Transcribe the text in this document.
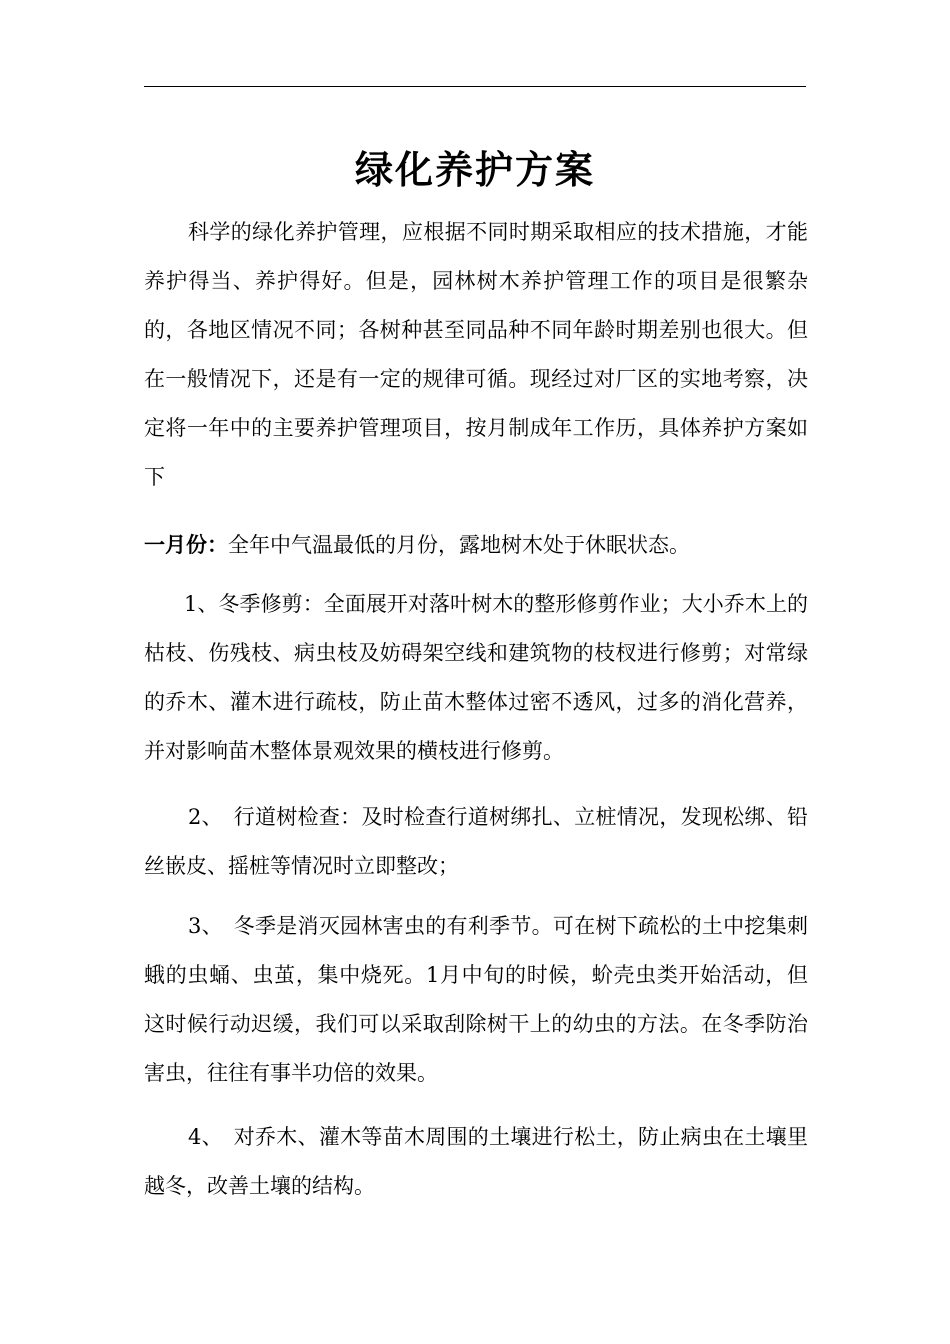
绿化养护方案

科学的绿化养护管理，应根据不同时期采取相应的技术措施，才能养护得当、养护得好。但是，园林树木养护管理工作的项目是很繁杂的，各地区情况不同；各树种甚至同品种不同年龄时期差别也很大。但在一般情况下，还是有一定的规律可循。现经过对厂区的实地考察，决定将一年中的主要养护管理项目，按月制成年工作历，具体养护方案如下

一月份：全年中气温最低的月份，露地树木处于休眠状态。

1、冬季修剪：全面展开对落叶树木的整形修剪作业；大小乔木上的枯枝、伤残枝、病虫枝及妨碍架空线和建筑物的枝杈进行修剪；对常绿的乔木、灌木进行疏枝，防止苗木整体过密不透风，过多的消化营养，并对影响苗木整体景观效果的横枝进行修剪。

2、　行道树检查：及时检查行道树绑扎、立桩情况，发现松绑、铅丝嵌皮、摇桩等情况时立即整改；

3、　冬季是消灭园林害虫的有利季节。可在树下疏松的土中挖集刺蛾的虫蛹、虫茧，集中烧死。1月中旬的时候，蚧壳虫类开始活动，但这时候行动迟缓，我们可以采取刮除树干上的幼虫的方法。在冬季防治害虫，往往有事半功倍的效果。

4、　对乔木、灌木等苗木周围的土壤进行松土，防止病虫在土壤里越冬，改善土壤的结构。
